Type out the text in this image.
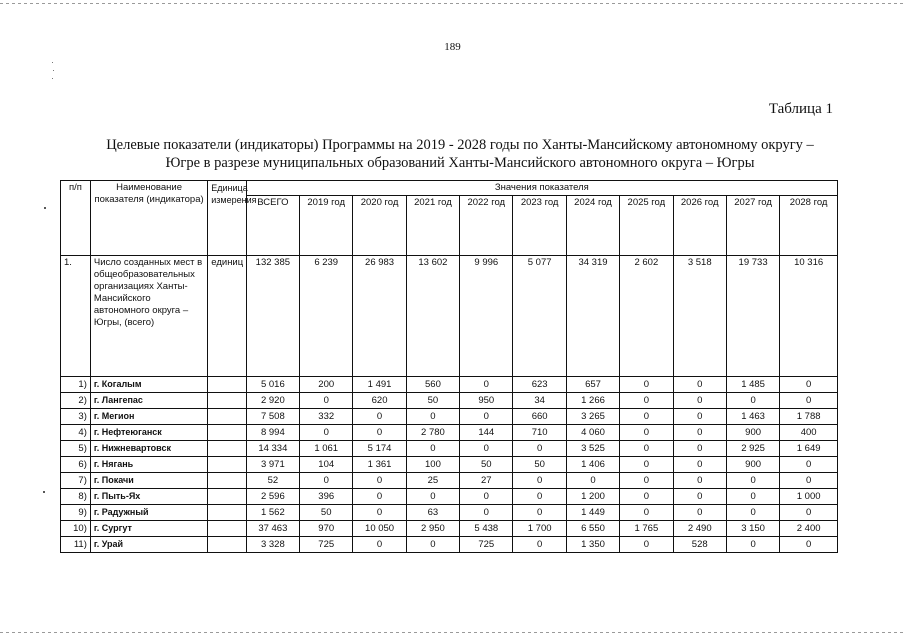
189
Таблица 1
Целевые показатели (индикаторы) Программы на 2019 - 2028 годы по Ханты-Мансийскому автономному округу – Югре в разрезе муниципальных образований Ханты-Мансийского автономного округа – Югры
п/п	Наименование показателя (индикатора)	Единица измерения	Значения показателя										
			ВСЕГО	2019 год	2020 год	2021 год	2022 год	2023 год	2024 год	2025 год	2026 год	2027 год	2028 год
1.	Число созданных мест в общеобразовательных организациях Ханты-Мансийского автономного округа – Югры, (всего)	единиц	132 385	6 239	26 983	13 602	9 996	5 077	34 319	2 602	3 518	19 733	10 316
1)	г. Когалым		5 016	200	1 491	560	0	623	657	0	0	1 485	0
2)	г. Лангепас		2 920	0	620	50	950	34	1 266	0	0	0	0
3)	г. Мегион		7 508	332	0	0	0	660	3 265	0	0	1 463	1 788
4)	г. Нефтеюганск		8 994	0	0	2 780	144	710	4 060	0	0	900	400
5)	г. Нижневартовск		14 334	1 061	5 174	0	0	0	3 525	0	0	2 925	1 649
6)	г. Нягань		3 971	104	1 361	100	50	50	1 406	0	0	900	0
7)	г. Покачи		52	0	0	25	27	0	0	0	0	0	0
8)	г. Пыть-Ях		2 596	396	0	0	0	0	1 200	0	0	0	1 000
9)	г. Радужный		1 562	50	0	63	0	0	1 449	0	0	0	0
10)	г. Сургут		37 463	970	10 050	2 950	5 438	1 700	6 550	1 765	2 490	3 150	2 400
11)	г. Урай		3 328	725	0	0	725	0	1 350	0	528	0	0
